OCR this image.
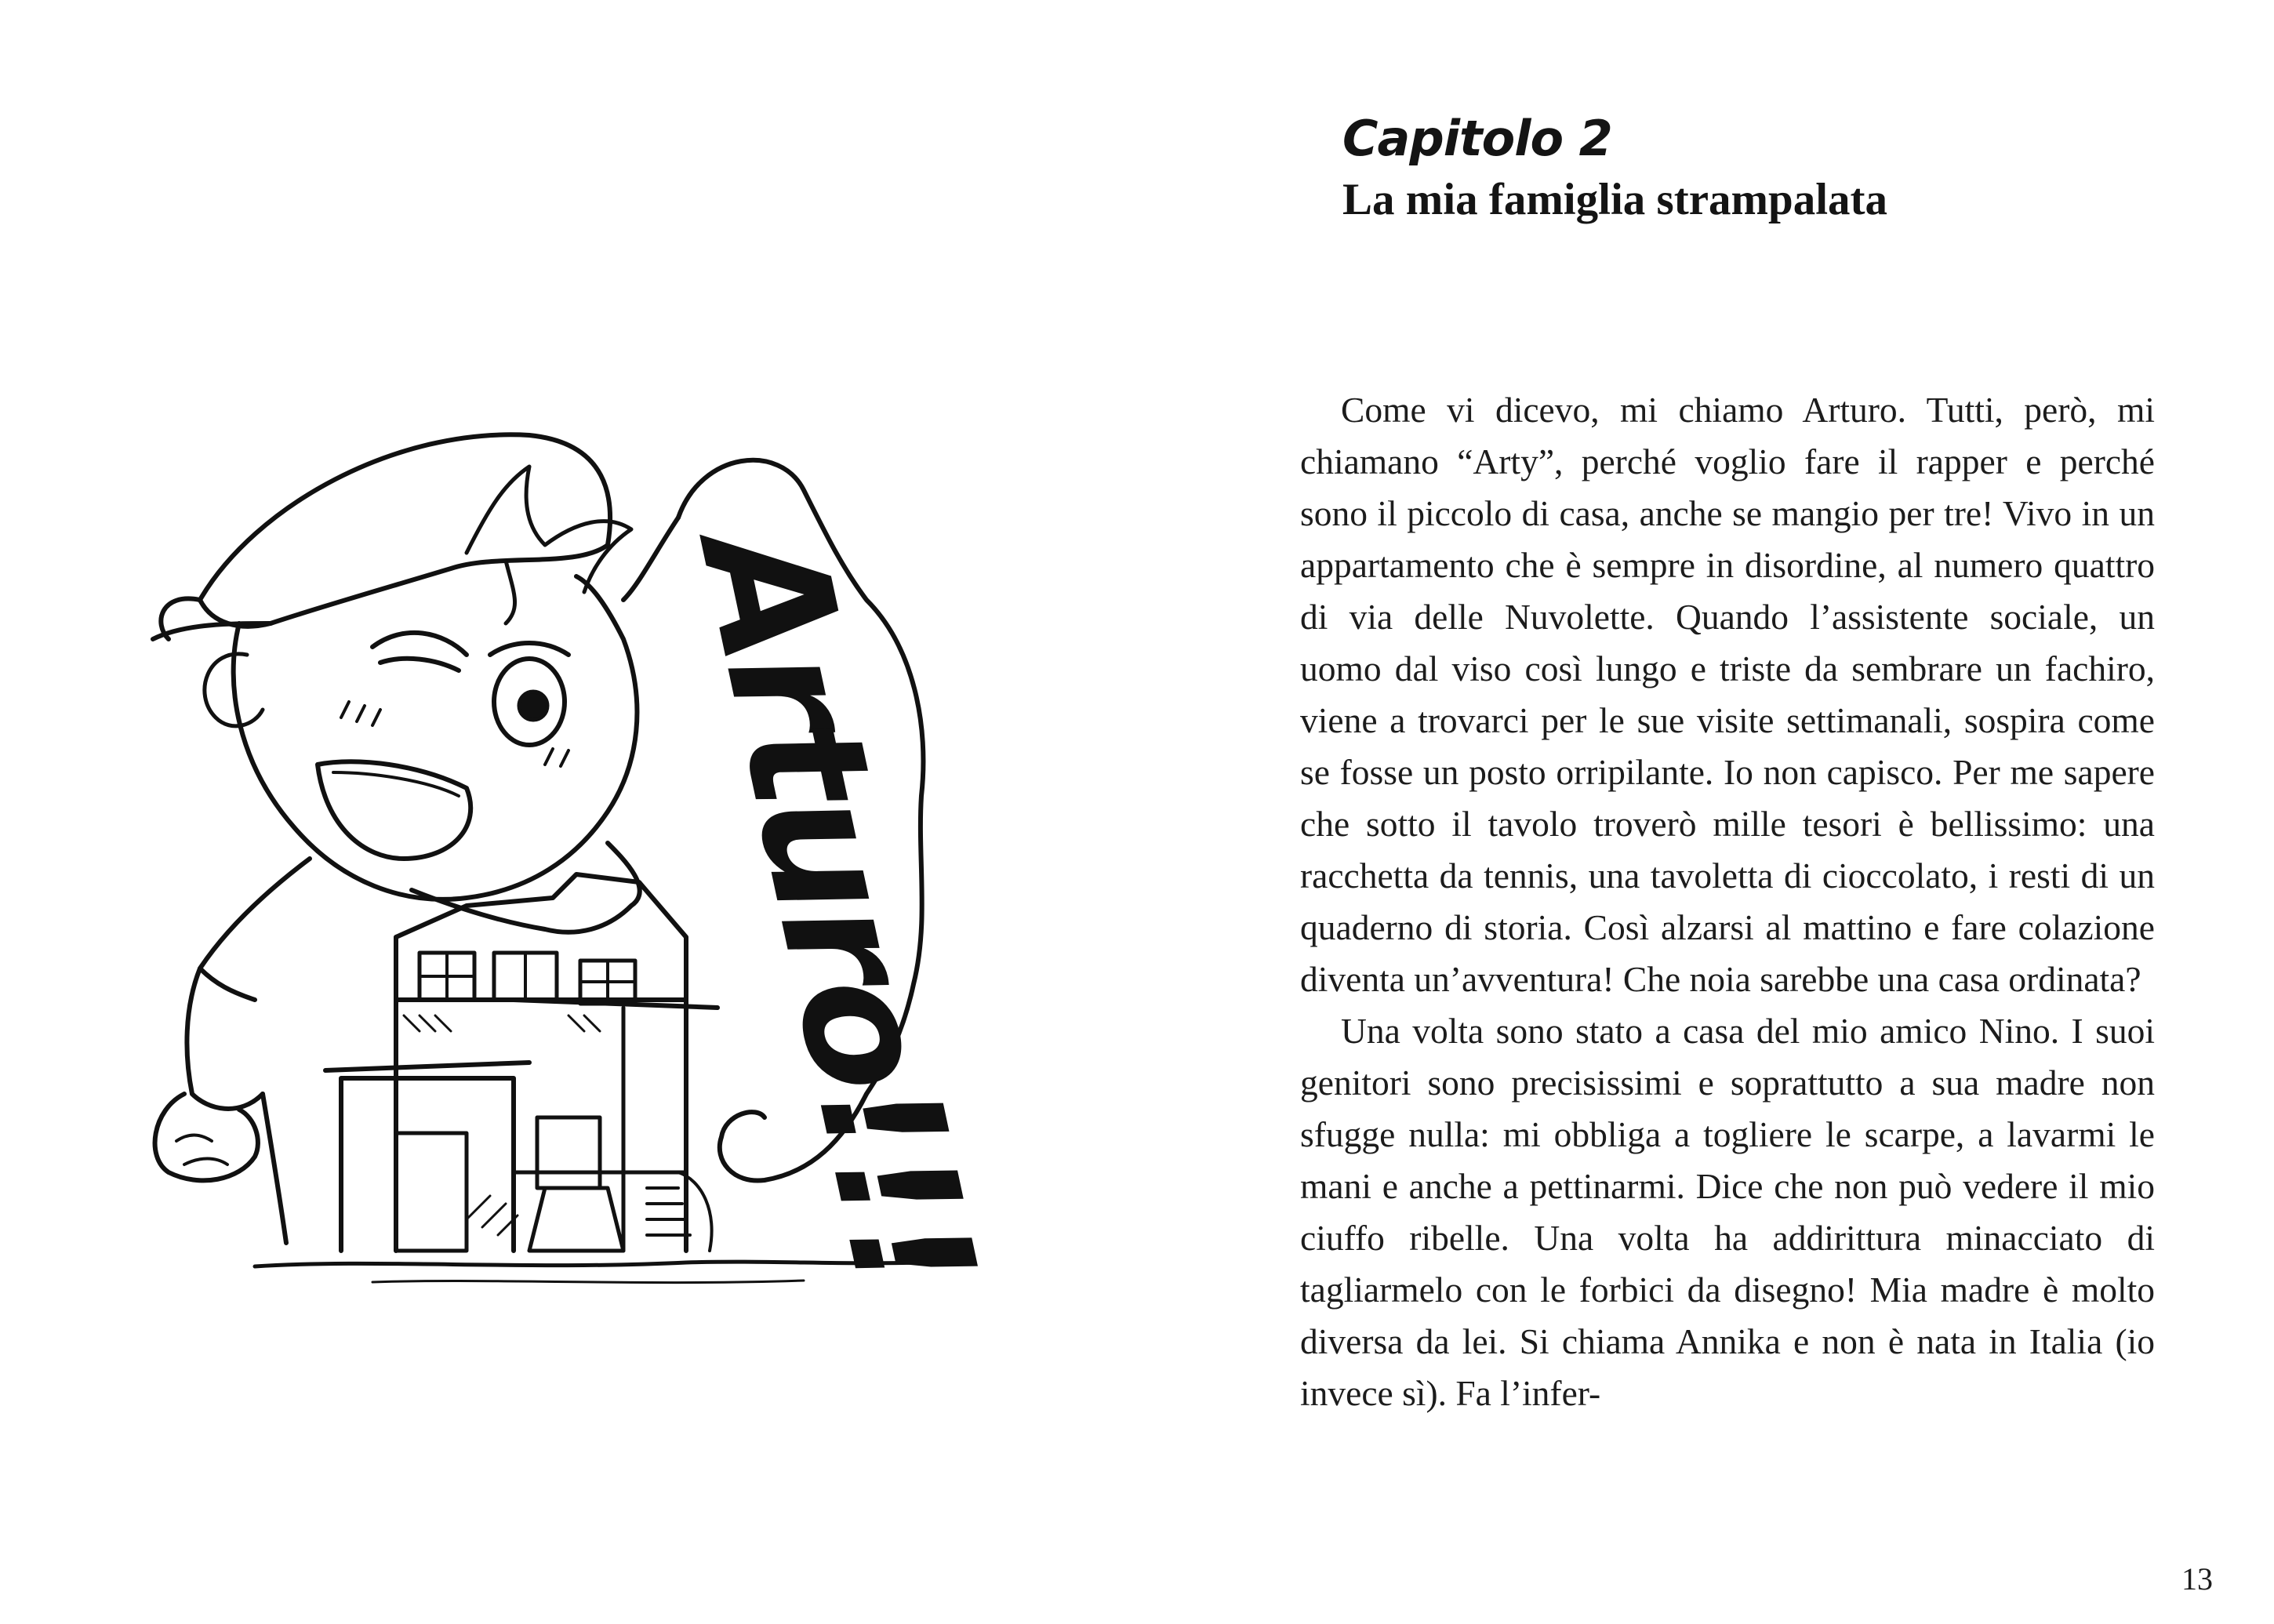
Arturo!!!
Capitolo 2
La mia famiglia strampalata

Come vi dicevo, mi chiamo Arturo. Tutti, però, mi chiamano “Arty”, perché voglio fare il rapper e perché sono il piccolo di casa, anche se mangio per tre! Vivo in un appartamento che è sempre in disordine, al numero quattro di via delle Nuvolette. Quando l’assistente sociale, un uomo dal viso così lungo e triste da sembrare un fachiro, viene a trovarci per le sue visite settimanali, sospira come se fosse un posto orripilante. Io non capisco. Per me sapere che sotto il tavolo troverò mille tesori è bellissimo: una racchetta da tennis, una tavoletta di cioccolato, i resti di un quaderno di storia. Così alzarsi al mattino e fare colazione diventa un’avventura! Che noia sarebbe una casa ordinata?

Una volta sono stato a casa del mio amico Nino. I suoi genitori sono precisissimi e soprattutto a sua madre non sfugge nulla: mi obbliga a togliere le scarpe, a lavarmi le mani e anche a pettinarmi. Dice che non può vedere il mio ciuffo ribelle. Una volta ha addirittura minacciato di tagliarmelo con le forbici da disegno! Mia madre è molto diversa da lei. Si chiama Annika e non è nata in Italia (io invece sì). Fa l’infer-

13
